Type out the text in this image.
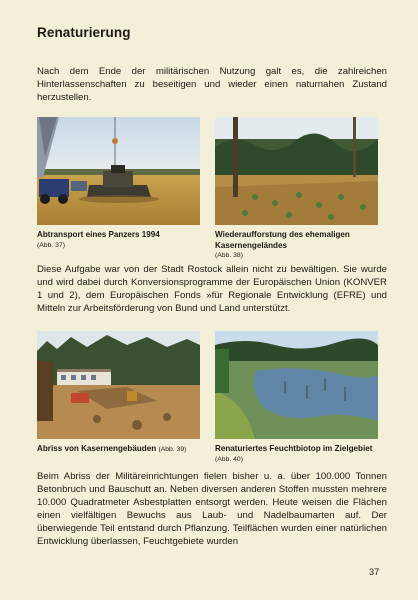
Renaturierung
Nach dem Ende der militärischen Nutzung galt es, die zahlreichen Hinterlassenschaften zu beseitigen und wieder einen naturnahen Zustand herzustellen.
Abtransport eines Panzers 1994
(Abb. 37)
Wiederaufforstung des ehemaligen Kasernengeländes
(Abb. 38)
Diese Aufgabe war von der Stadt Rostock allein nicht zu bewältigen. Sie wurde und wird dabei durch Konversionsprogramme der Europäischen Union (KONVER 1 und 2), dem Europäischen Fonds »für Regionale Entwicklung (EFRE) und Mitteln zur Arbeitsförderung von Bund und Land unterstützt.
Abriss von Kasernengebäuden (Abb. 39)	Renaturiertes Feuchtbiotop im Zielgebiet
(Abb. 40)
Beim Abriss der Militäreinrichtungen fielen bisher u. a. über 100.000 Tonnen Betonbruch und Bauschutt an. Neben diversen anderen Stoffen mussten mehrere 10.000 Quadratmeter Asbestplatten entsorgt werden. Heute weisen die Flächen einen vielfältigen Bewuchs aus Laub- und Nadelbaumarten auf. Der überwiegende Teil entstand durch Pflanzung. Teilflächen wurden einer natürlichen Entwicklung überlassen, Feuchtgebiete wurden
37
